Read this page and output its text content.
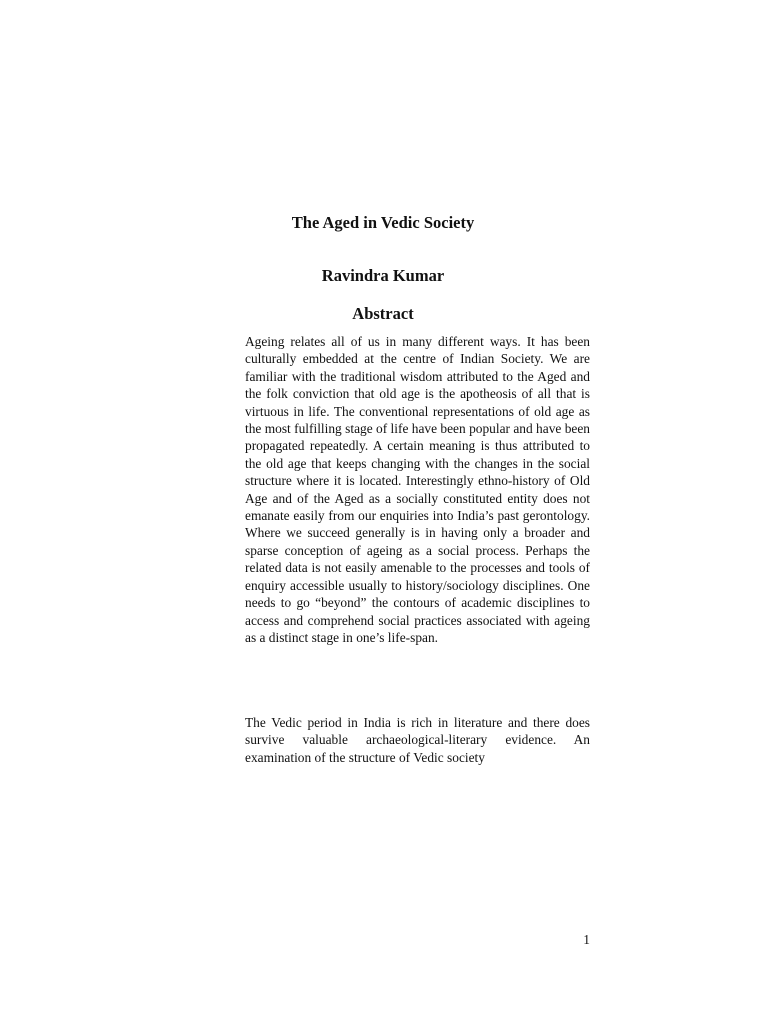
The Aged in Vedic Society
Ravindra Kumar
Abstract

Ageing relates all of us in many different ways. It has been culturally embedded at the centre of Indian Society. We are familiar with the traditional wisdom attributed to the Aged and the folk conviction that old age is the apotheosis of all that is virtuous in life. The conventional representations of old age as the most fulfilling stage of life have been popular and have been propagated repeatedly. A certain meaning is thus attributed to the old age that keeps changing with the changes in the social structure where it is located. Interestingly ethno-history of Old Age and of the Aged as a socially constituted entity does not emanate easily from our enquiries into India’s past gerontology. Where we succeed generally is in having only a broader and sparse conception of ageing as a social process. Perhaps the related data is not easily amenable to the processes and tools of enquiry accessible usually to history/sociology disciplines. One needs to go “beyond” the contours of academic disciplines to access and comprehend social practices associated with ageing as a distinct stage in one’s life-span.

The Vedic period in India is rich in literature and there does survive valuable archaeological-literary evidence. An examination of the structure of Vedic society

1
